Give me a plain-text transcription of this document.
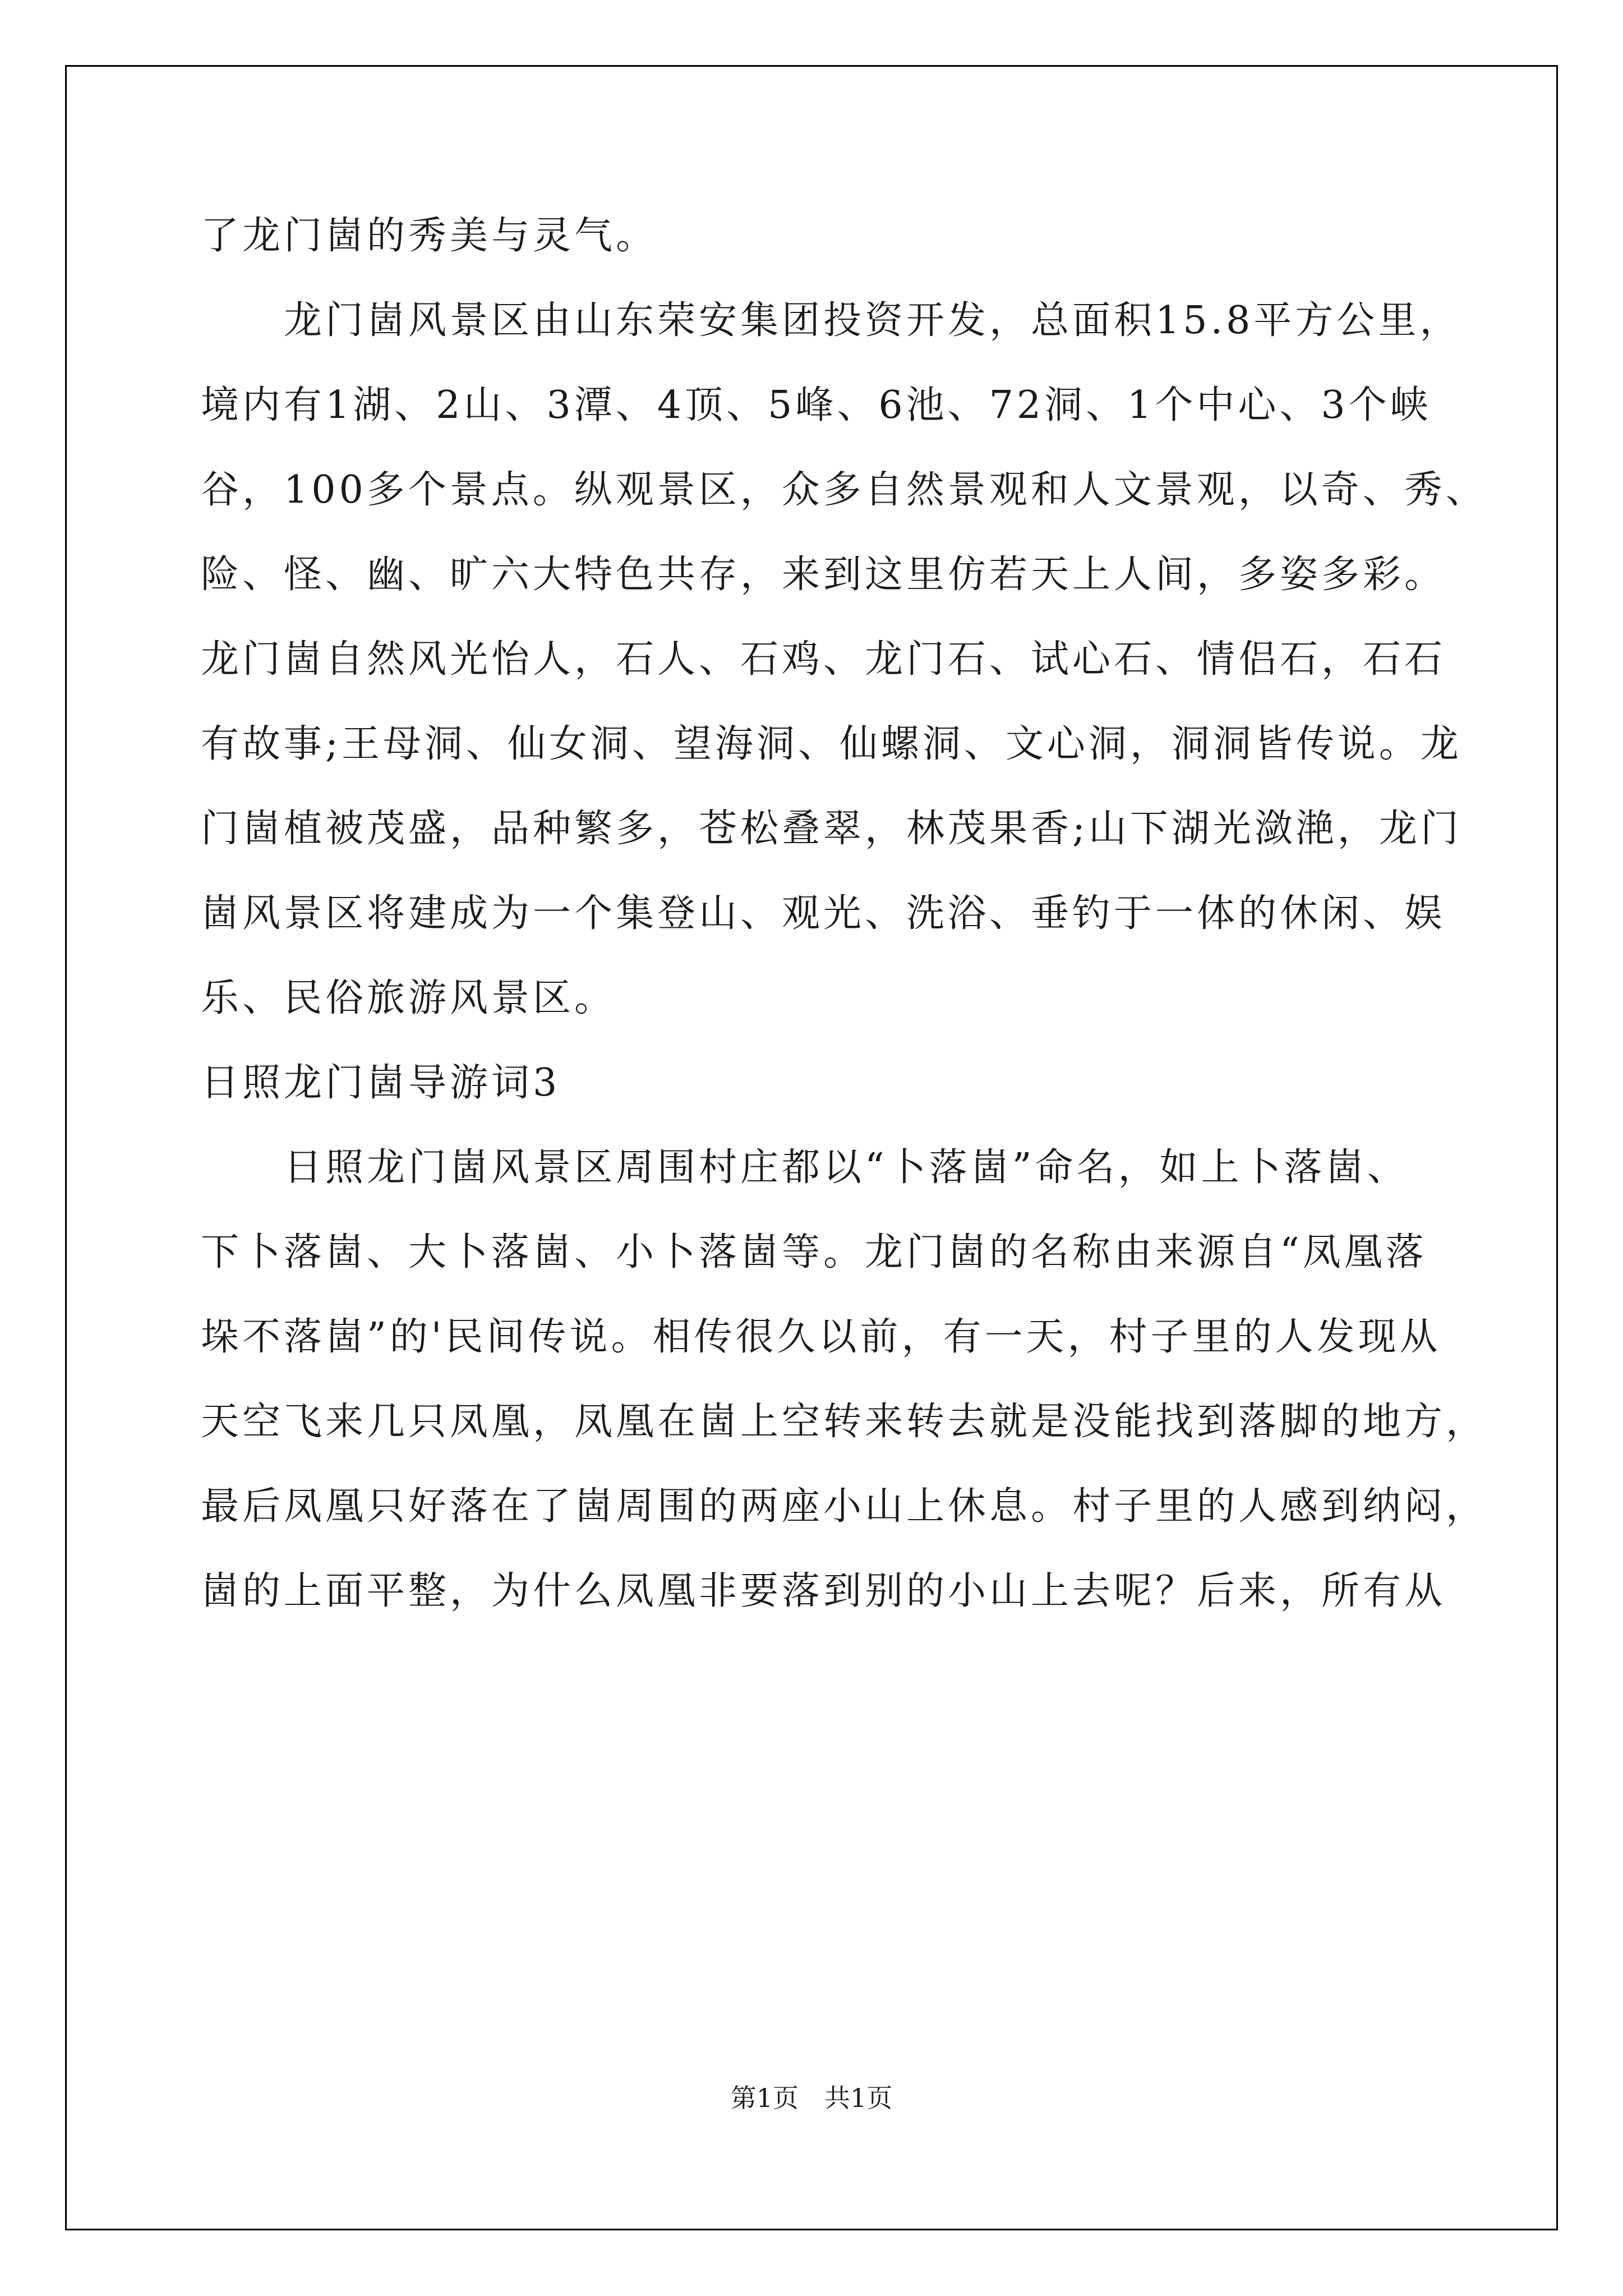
了龙门崮的秀美与灵气。

　　龙门崮风景区由山东荣安集团投资开发，总面积15.8平方公里，

境内有1湖、2山、3潭、4顶、5峰、6池、72洞、1个中心、3个峡

谷，100多个景点。纵观景区，众多自然景观和人文景观，以奇、秀、

险、怪、幽、旷六大特色共存，来到这里仿若天上人间，多姿多彩。

龙门崮自然风光怡人，石人、石鸡、龙门石、试心石、情侣石，石石

有故事;王母洞、仙女洞、望海洞、仙螺洞、文心洞，洞洞皆传说。龙

门崮植被茂盛，品种繁多，苍松叠翠，林茂果香;山下湖光潋滟，龙门

崮风景区将建成为一个集登山、观光、洗浴、垂钓于一体的休闲、娱

乐、民俗旅游风景区。

日照龙门崮导游词3

　　日照龙门崮风景区周围村庄都以“卜落崮”命名，如上卜落崮、

下卜落崮、大卜落崮、小卜落崮等。龙门崮的名称由来源自“凤凰落

垛不落崮”的'民间传说。相传很久以前，有一天，村子里的人发现从

天空飞来几只凤凰，凤凰在崮上空转来转去就是没能找到落脚的地方，

最后凤凰只好落在了崮周围的两座小山上休息。村子里的人感到纳闷，

崮的上面平整，为什么凤凰非要落到别的小山上去呢？后来，所有从

第1页　共1页
